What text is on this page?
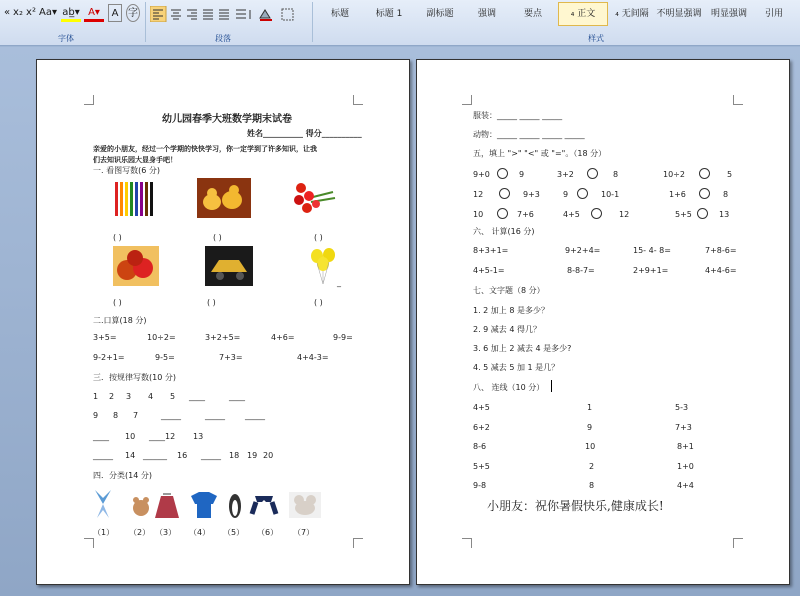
« x₂ x² Aa▾ ab̲▾ A▾	A 字
字体	段落
标题	标题 1	副标题	强调	要点	₄ 正文	₄ 无间隔 不明显强调	明显强调	引用
样式
幼儿园春季大班数学期末试卷
姓名__________ 得分__________
亲爱的小朋友，经过一个学期的快快学习，你一定学到了许多知识，让我
们去知识乐园大显身手吧！
一. 看图写数(6 分)
( )	( )	( )
_
( )	( )	( )
二.口算(18 分)
3+5=	10÷2=	3+2+5=	4+6=	9-9=
9-2+1=	9-5=	7+3=	4+4-3=
三．按规律写数(10 分)
1 2 3 4 5 ____	____
9 8 7	_____	_____	_____
____ 10 ____12 13
_____ 14 ______ 16 _____ 18 19 20
四．分类(14 分)
（1） （2） （3） （4） （5） （6） （7）
服装：_____ _____ _____
动物：_____ _____ _____ _____
五，填上 ">" "<" 或 "="。（18 分）
9+0	9	3+2	8	10÷2	5
12	9+3	9	10-1	1+6	8
10	7+6	4+5	12	5+5	13
六、 计算(16 分)
8+3+1=	9+2+4=	15- 4- 8=	7+8-6=
4+5-1=	8-8-7=	2+9+1=	4+4-6=
七、文字题（8 分）
1. 2 加上 8 是多少？
2. 9 减去 4 得几？
3. 6 加上 2 减去 4 是多少?
4. 5 减去 5 加 1 是几？
八、 连线（10 分）
4+5	1	5-3
6+2	9	7+3
8-6	10	8+1
5+5	2	1+0
9-8	8	4+4
小朋友：祝你暑假快乐,健康成长!
